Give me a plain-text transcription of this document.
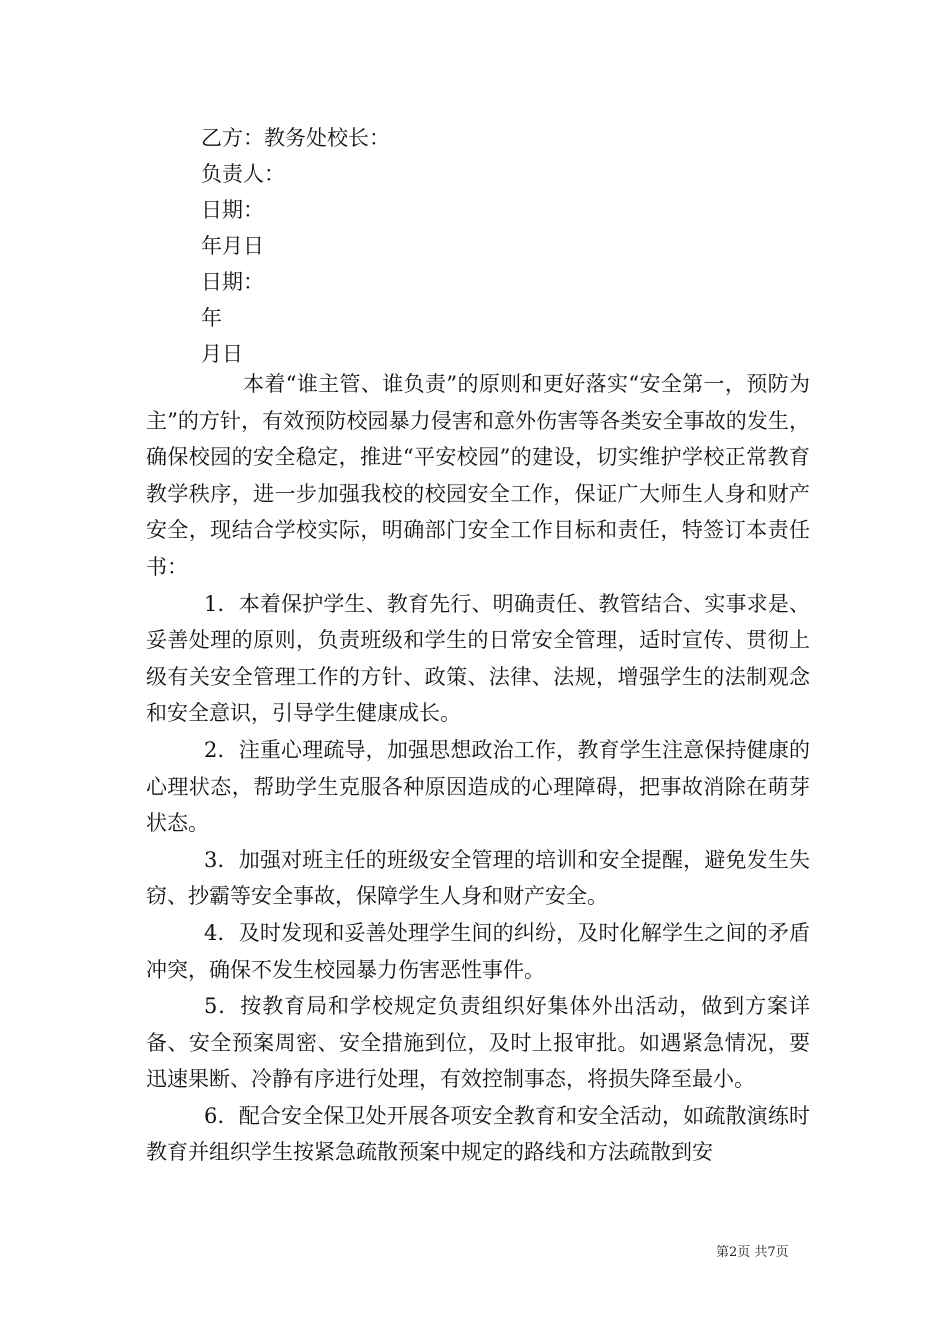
乙方：教务处校长：
负责人：
日期：
年月日
日期：
年
月日

本着“谁主管、谁负责”的原则和更好落实“安全第一，预防为主”的方针，有效预防校园暴力侵害和意外伤害等各类安全事故的发生，确保校园的安全稳定，推进“平安校园”的建设，切实维护学校正常教育教学秩序，进一步加强我校的校园安全工作，保证广大师生人身和财产安全，现结合学校实际，明确部门安全工作目标和责任，特签订本责任书：

1．本着保护学生、教育先行、明确责任、教管结合、实事求是、妥善处理的原则，负责班级和学生的日常安全管理，适时宣传、贯彻上级有关安全管理工作的方针、政策、法律、法规，增强学生的法制观念和安全意识，引导学生健康成长。

2．注重心理疏导，加强思想政治工作，教育学生注意保持健康的心理状态，帮助学生克服各种原因造成的心理障碍，把事故消除在萌芽状态。

3．加强对班主任的班级安全管理的培训和安全提醒，避免发生失窃、抄霸等安全事故，保障学生人身和财产安全。

4．及时发现和妥善处理学生间的纠纷，及时化解学生之间的矛盾冲突，确保不发生校园暴力伤害恶性事件。

5．按教育局和学校规定负责组织好集体外出活动，做到方案详备、安全预案周密、安全措施到位，及时上报审批。如遇紧急情况，要迅速果断、冷静有序进行处理，有效控制事态，将损失降至最小。

6．配合安全保卫处开展各项安全教育和安全活动，如疏散演练时教育并组织学生按紧急疏散预案中规定的路线和方法疏散到安

第2页 共7页
